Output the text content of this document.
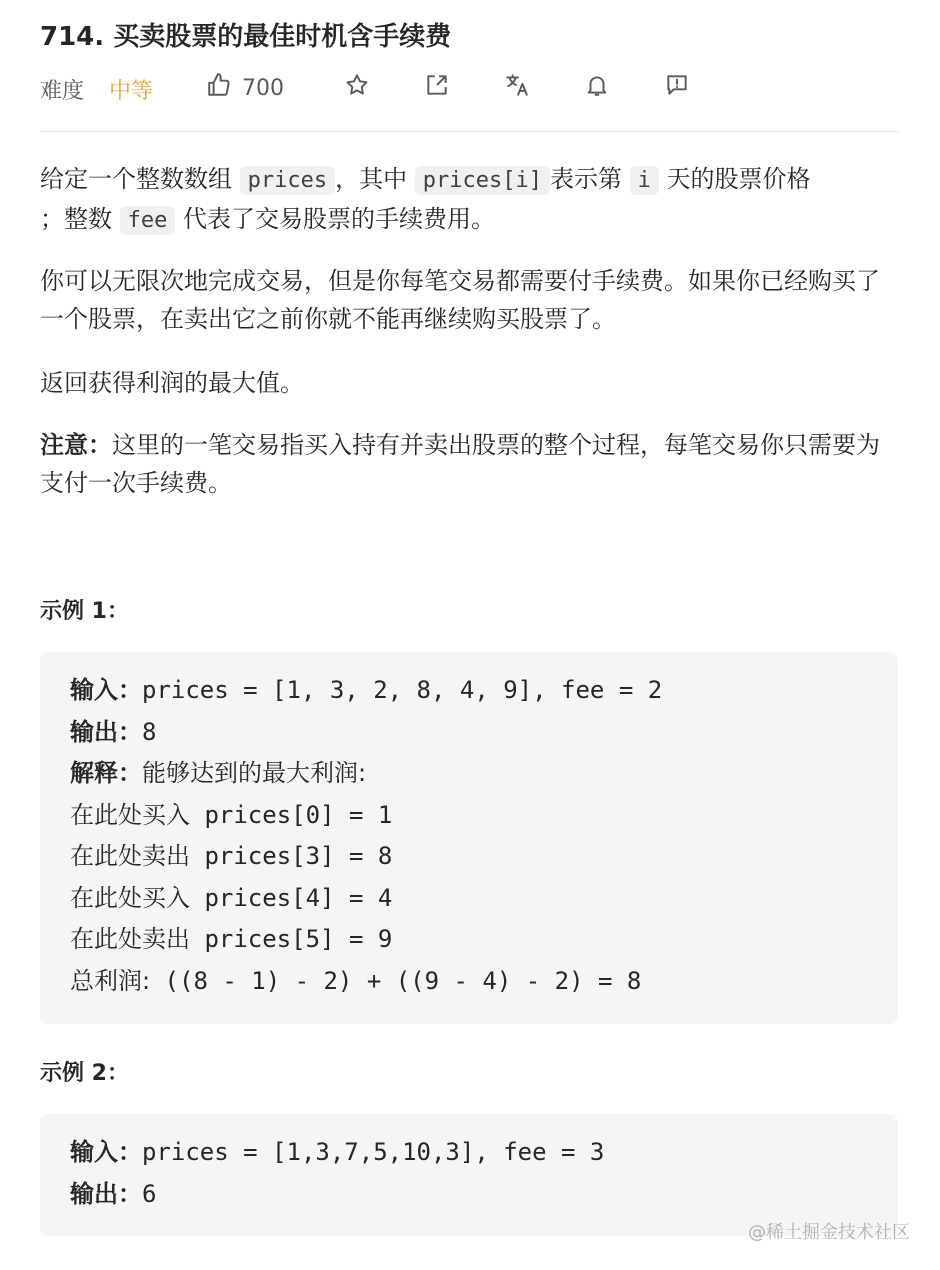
714. 买卖股票的最佳时机含手续费
难度 中等	700
给定一个整数数组 prices ，其中 prices[i] 表示第 i 天的股票价格
；整数 fee 代表了交易股票的手续费用。
你可以无限次地完成交易，但是你每笔交易都需要付手续费。如果你已经购买了一个股票，在卖出它之前你就不能再继续购买股票了。
返回获得利润的最大值。
注意：这里的一笔交易指买入持有并卖出股票的整个过程，每笔交易你只需要为支付一次手续费。
示例 1：
输入：prices = [1, 3, 2, 8, 4, 9], fee = 2
输出：8
解释：能够达到的最大利润:
在此处买入 prices[0] = 1
在此处卖出 prices[3] = 8
在此处买入 prices[4] = 4
在此处卖出 prices[5] = 9
总利润: ((8 - 1) - 2) + ((9 - 4) - 2) = 8
示例 2：
输入：prices = [1,3,7,5,10,3], fee = 3
输出：6
@稀土掘金技术社区
